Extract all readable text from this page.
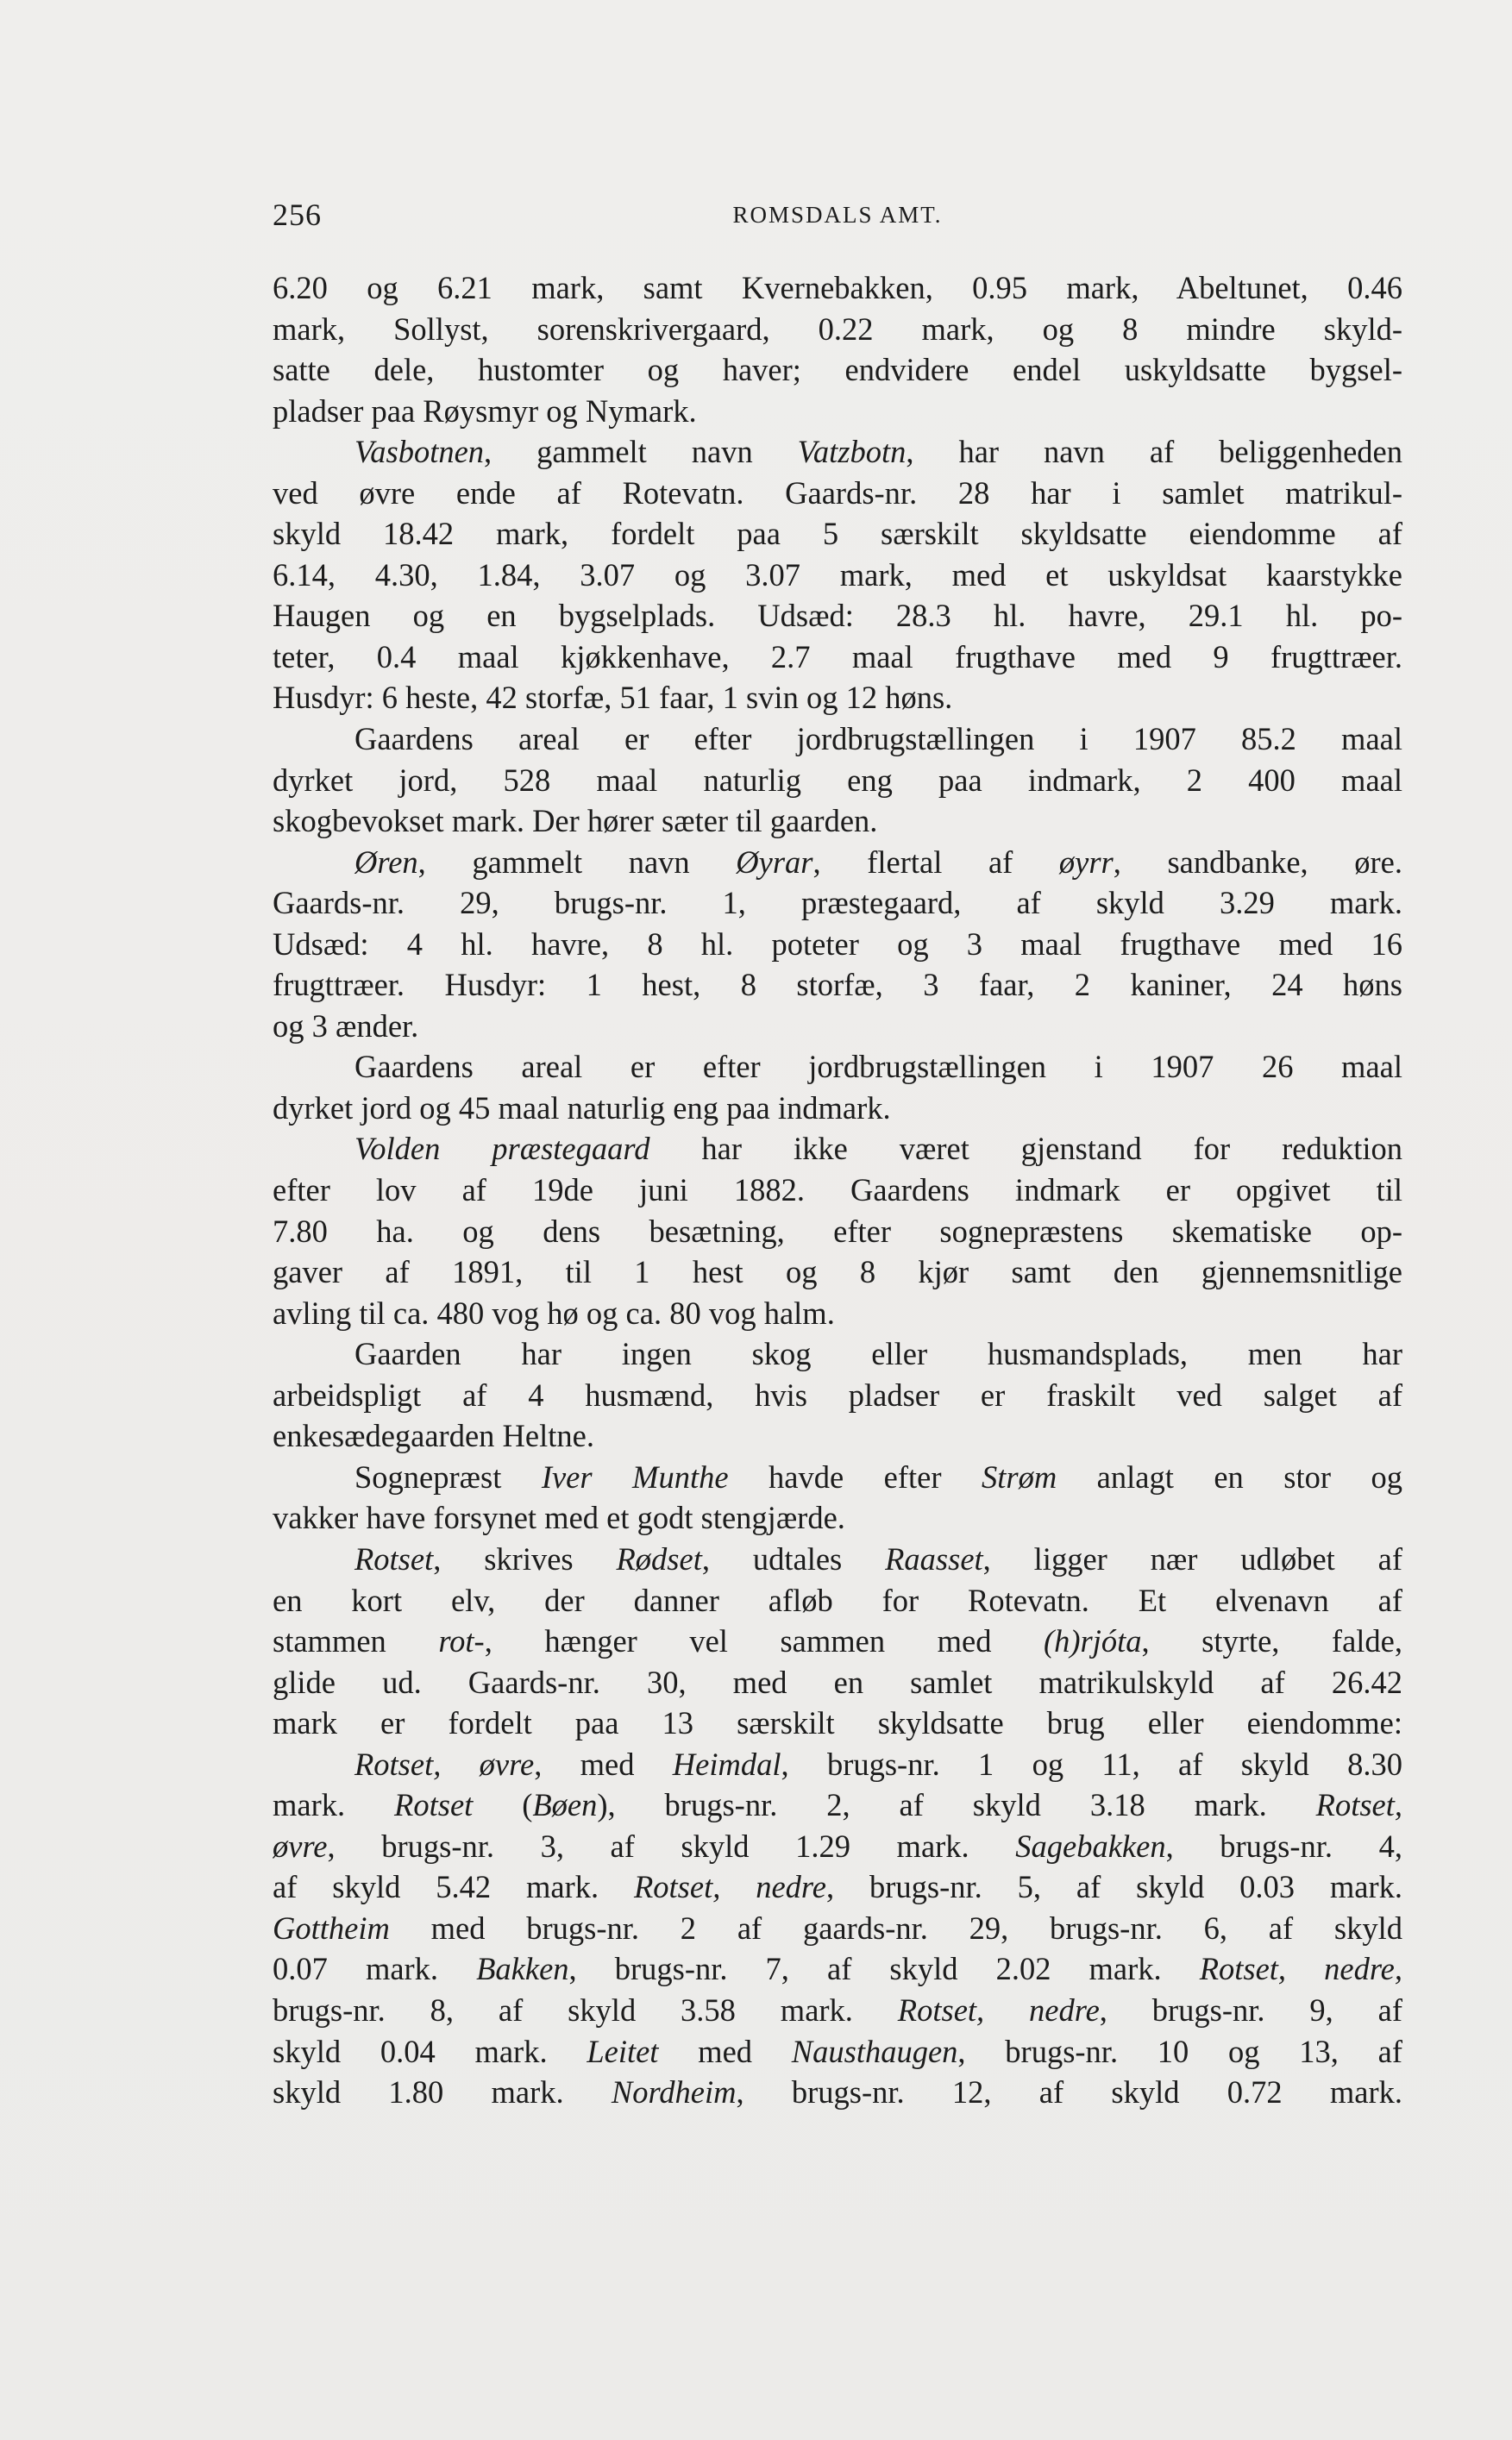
256	ROMSDALS AMT.
6.20 og 6.21 mark, samt Kvernebakken, 0.95 mark, Abeltunet, 0.46
mark, Sollyst, sorenskrivergaard, 0.22 mark, og 8 mindre skyld-
satte dele, hustomter og haver; endvidere endel uskyldsatte bygsel-
pladser paa Røysmyr og Nymark.
Vasbotnen, gammelt navn Vatzbotn, har navn af beliggenheden
ved øvre ende af Rotevatn. Gaards-nr. 28 har i samlet matrikul-
skyld 18.42 mark, fordelt paa 5 særskilt skyldsatte eiendomme af
6.14, 4.30, 1.84, 3.07 og 3.07 mark, med et uskyldsat kaarstykke
Haugen og en bygselplads. Udsæd: 28.3 hl. havre, 29.1 hl. po-
teter, 0.4 maal kjøkkenhave, 2.7 maal frugthave med 9 frugttræer.
Husdyr: 6 heste, 42 storfæ, 51 faar, 1 svin og 12 høns.
Gaardens areal er efter jordbrugstællingen i 1907 85.2 maal
dyrket jord, 528 maal naturlig eng paa indmark, 2 400 maal
skogbevokset mark. Der hører sæter til gaarden.
Øren, gammelt navn Øyrar, flertal af øyrr, sandbanke, øre.
Gaards-nr. 29, brugs-nr. 1, præstegaard, af skyld 3.29 mark.
Udsæd: 4 hl. havre, 8 hl. poteter og 3 maal frugthave med 16
frugttræer. Husdyr: 1 hest, 8 storfæ, 3 faar, 2 kaniner, 24 høns
og 3 ænder.
Gaardens areal er efter jordbrugstællingen i 1907 26 maal
dyrket jord og 45 maal naturlig eng paa indmark.
Volden præstegaard har ikke været gjenstand for reduktion
efter lov af 19de juni 1882. Gaardens indmark er opgivet til
7.80 ha. og dens besætning, efter sognepræstens skematiske op-
gaver af 1891, til 1 hest og 8 kjør samt den gjennemsnitlige
avling til ca. 480 vog hø og ca. 80 vog halm.
Gaarden har ingen skog eller husmandsplads, men har
arbeidspligt af 4 husmænd, hvis pladser er fraskilt ved salget af
enkesædegaarden Heltne.
Sognepræst Iver Munthe havde efter Strøm anlagt en stor og
vakker have forsynet med et godt stengjærde.
Rotset, skrives Rødset, udtales Raasset, ligger nær udløbet af
en kort elv, der danner afløb for Rotevatn. Et elvenavn af
stammen rot-, hænger vel sammen med (h)rjóta, styrte, falde,
glide ud. Gaards-nr. 30, med en samlet matrikulskyld af 26.42
mark er fordelt paa 13 særskilt skyldsatte brug eller eiendomme:
Rotset, øvre, med Heimdal, brugs-nr. 1 og 11, af skyld 8.30
mark. Rotset (Bøen), brugs-nr. 2, af skyld 3.18 mark. Rotset,
øvre, brugs-nr. 3, af skyld 1.29 mark. Sagebakken, brugs-nr. 4,
af skyld 5.42 mark. Rotset, nedre, brugs-nr. 5, af skyld 0.03 mark.
Gottheim med brugs-nr. 2 af gaards-nr. 29, brugs-nr. 6, af skyld
0.07 mark. Bakken, brugs-nr. 7, af skyld 2.02 mark. Rotset, nedre,
brugs-nr. 8, af skyld 3.58 mark. Rotset, nedre, brugs-nr. 9, af
skyld 0.04 mark. Leitet med Nausthaugen, brugs-nr. 10 og 13, af
skyld 1.80 mark. Nordheim, brugs-nr. 12, af skyld 0.72 mark.
